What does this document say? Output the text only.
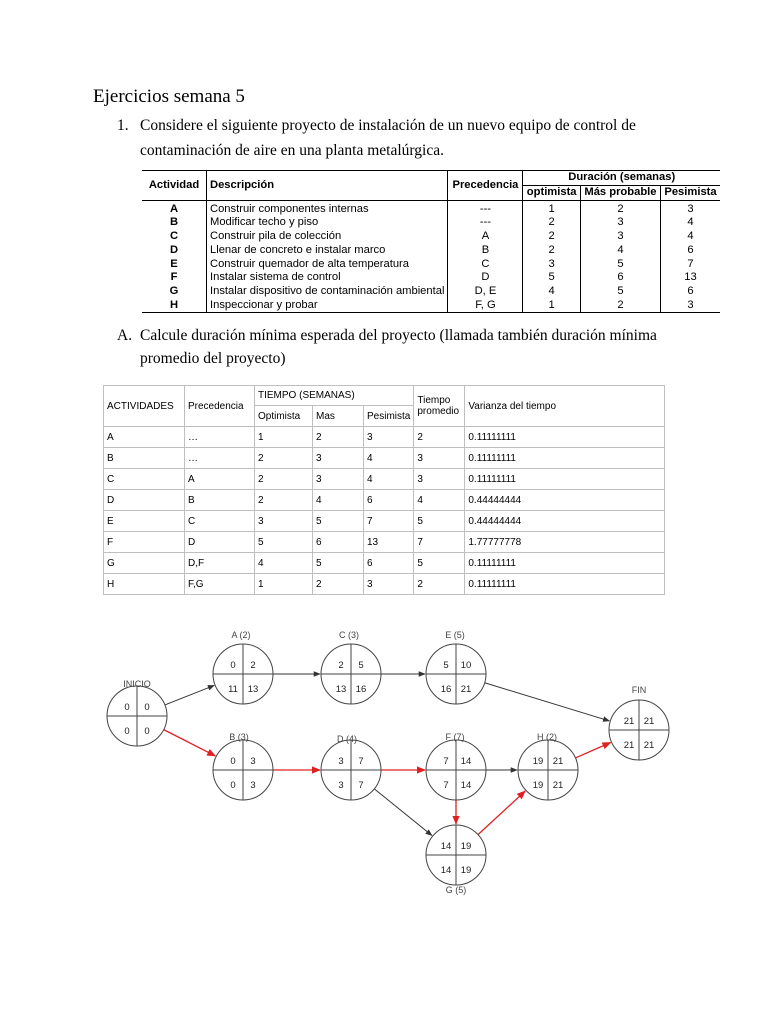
Ejercicios semana 5
1. Considere el siguiente proyecto de instalación de un nuevo equipo de control de
contaminación de aire en una planta metalúrgica.
Actividad	Descripción	Precedencia	Duración (semanas)		
			optimista	Más probable	Pesimista
A	Construir componentes internas	---	1	2	3
B	Modificar techo y piso	---	2	3	4
C	Construir pila de colección	A	2	3	4
D	Llenar de concreto e instalar marco	B	2	4	6
E	Construir quemador de alta temperatura	C	3	5	7
F	Instalar sistema de control	D	5	6	13
G	Instalar dispositivo de contaminación ambiental	D, E	4	5	6
H	Inspeccionar y probar	F, G	1	2	3
A. Calcule duración mínima esperada del proyecto (llamada también duración mínima
promedio del proyecto)
ACTIVIDADES	Precedencia	TIEMPO (SEMANAS)			Tiempo promedio	Varianza del tiempo
		Optimista	Mas	Pesimista		
A	…	1	2	3	2	0.11111111
B	…	2	3	4	3	0.11111111
C	A	2	3	4	3	0.11111111
D	B	2	4	6	4	0.44444444
E	C	3	5	7	5	0.44444444
F	D	5	6	13	7	1.77777778
G	D,F	4	5	6	5	0.11111111
H	F,G	1	2	3	2	0.11111111
0 0
0 0
INICIO
0 2
11 13
A (2)
2 5
13 16
C (3)
5 10
16 21
E (5)
21 21
21 21
FIN
0 3
0 3
B (3)
3 7
3 7
D (4)
7 14
7 14
F (7)
19 21
19 21
H (2)
14 19
14 19
G (5)
